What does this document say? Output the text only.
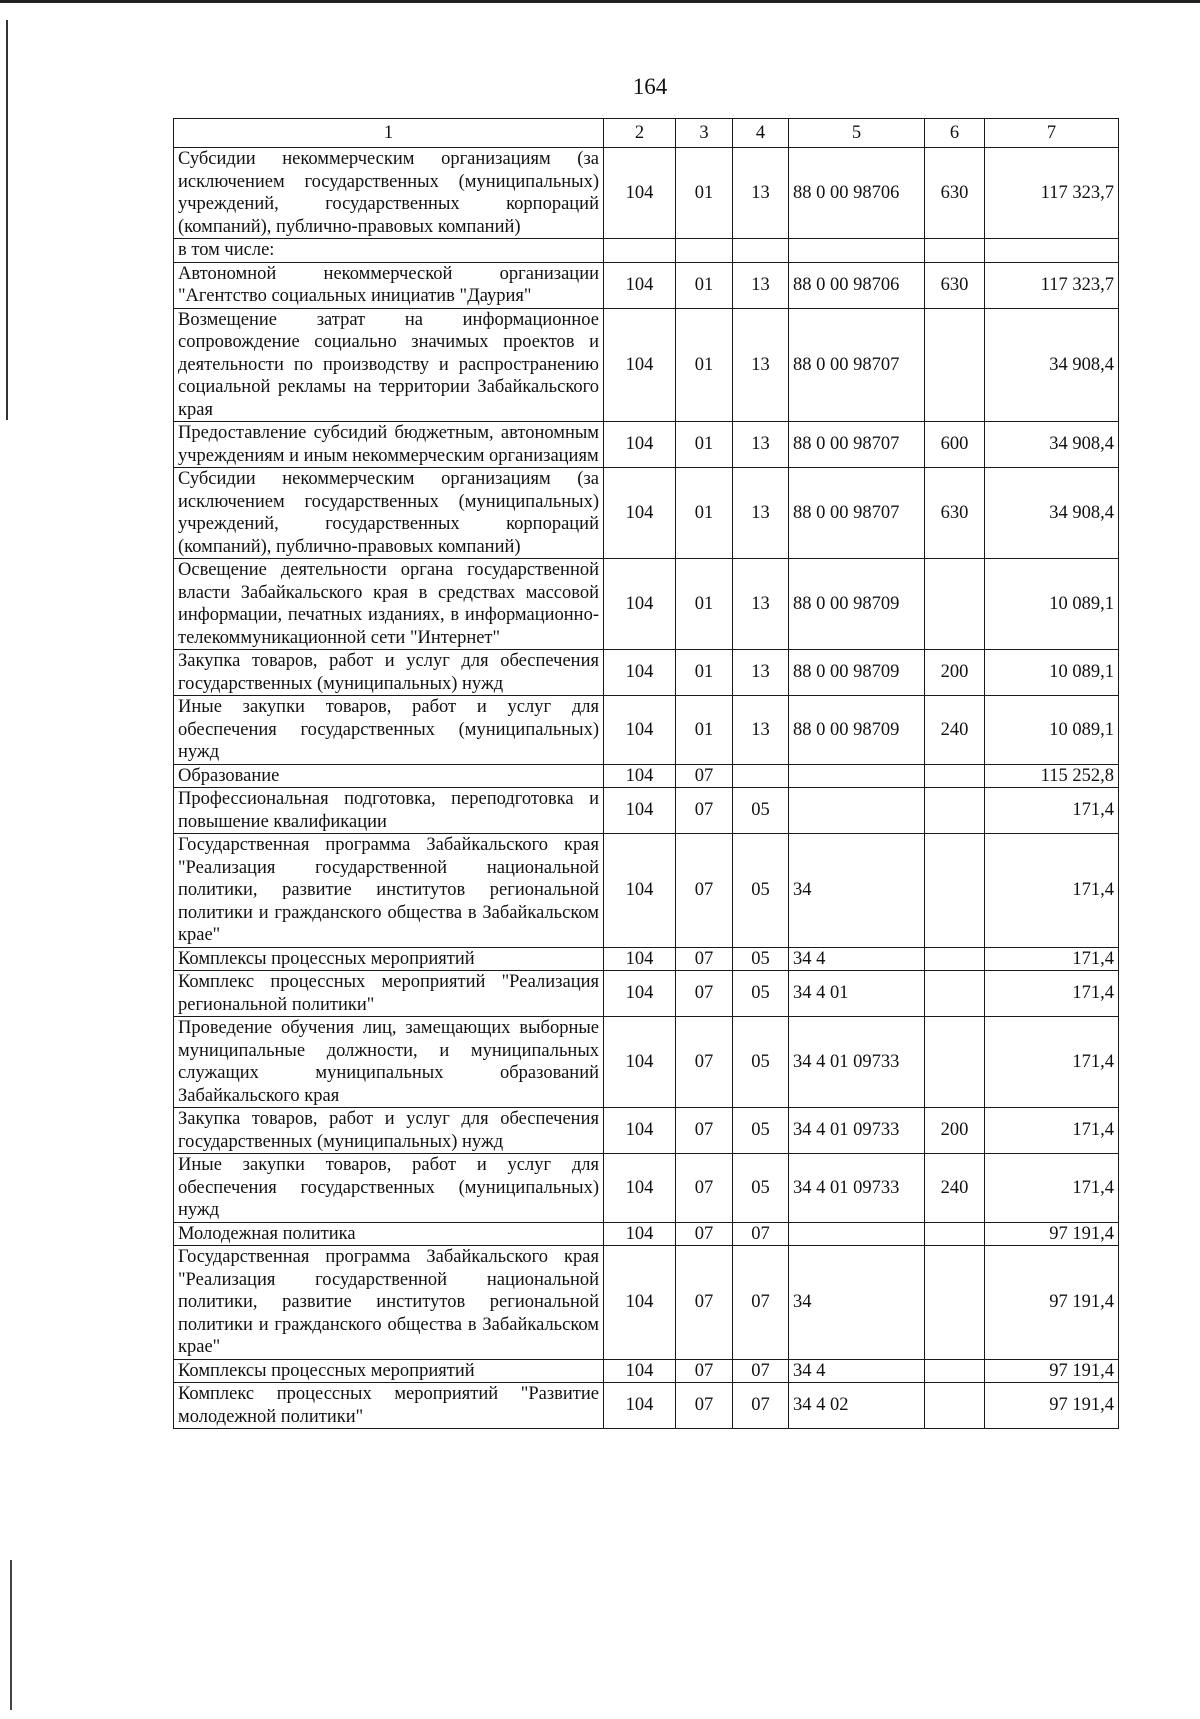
164
1	2	3	4	5	6	7
Субсидии некоммерческим организациям (за исключением государственных (муниципальных) учреждений, государственных корпораций (компаний), публично-правовых компаний)	104	01	13	88 0 00 98706	630	117 323,7
в том числе:						
Автономной некоммерческой организации "Агентство социальных инициатив "Даурия"	104	01	13	88 0 00 98706	630	117 323,7
Возмещение затрат на информационное сопровождение социально значимых проектов и деятельности по производству и распространению социальной рекламы на территории Забайкальского края	104	01	13	88 0 00 98707		34 908,4
Предоставление субсидий бюджетным, автономным учреждениям и иным некоммерческим организациям	104	01	13	88 0 00 98707	600	34 908,4
Субсидии некоммерческим организациям (за исключением государственных (муниципальных) учреждений, государственных корпораций (компаний), публично-правовых компаний)	104	01	13	88 0 00 98707	630	34 908,4
Освещение деятельности органа государственной власти Забайкальского края в средствах массовой информации, печатных изданиях, в информационно-телекоммуникационной сети "Интернет"	104	01	13	88 0 00 98709		10 089,1
Закупка товаров, работ и услуг для обеспечения государственных (муниципальных) нужд	104	01	13	88 0 00 98709	200	10 089,1
Иные закупки товаров, работ и услуг для обеспечения государственных (муниципальных) нужд	104	01	13	88 0 00 98709	240	10 089,1
Образование	104	07				115 252,8
Профессиональная подготовка, переподготовка и повышение квалификации	104	07	05			171,4
Государственная программа Забайкальского края "Реализация государственной национальной политики, развитие институтов региональной политики и гражданского общества в Забайкальском крае"	104	07	05	34		171,4
Комплексы процессных мероприятий	104	07	05	34 4		171,4
Комплекс процессных мероприятий "Реализация региональной политики"	104	07	05	34 4 01		171,4
Проведение обучения лиц, замещающих выборные муниципальные должности, и муниципальных служащих муниципальных образований Забайкальского края	104	07	05	34 4 01 09733		171,4
Закупка товаров, работ и услуг для обеспечения государственных (муниципальных) нужд	104	07	05	34 4 01 09733	200	171,4
Иные закупки товаров, работ и услуг для обеспечения государственных (муниципальных) нужд	104	07	05	34 4 01 09733	240	171,4
Молодежная политика	104	07	07			97 191,4
Государственная программа Забайкальского края "Реализация государственной национальной политики, развитие институтов региональной политики и гражданского общества в Забайкальском крае"	104	07	07	34		97 191,4
Комплексы процессных мероприятий	104	07	07	34 4		97 191,4
Комплекс процессных мероприятий "Развитие молодежной политики"	104	07	07	34 4 02		97 191,4
